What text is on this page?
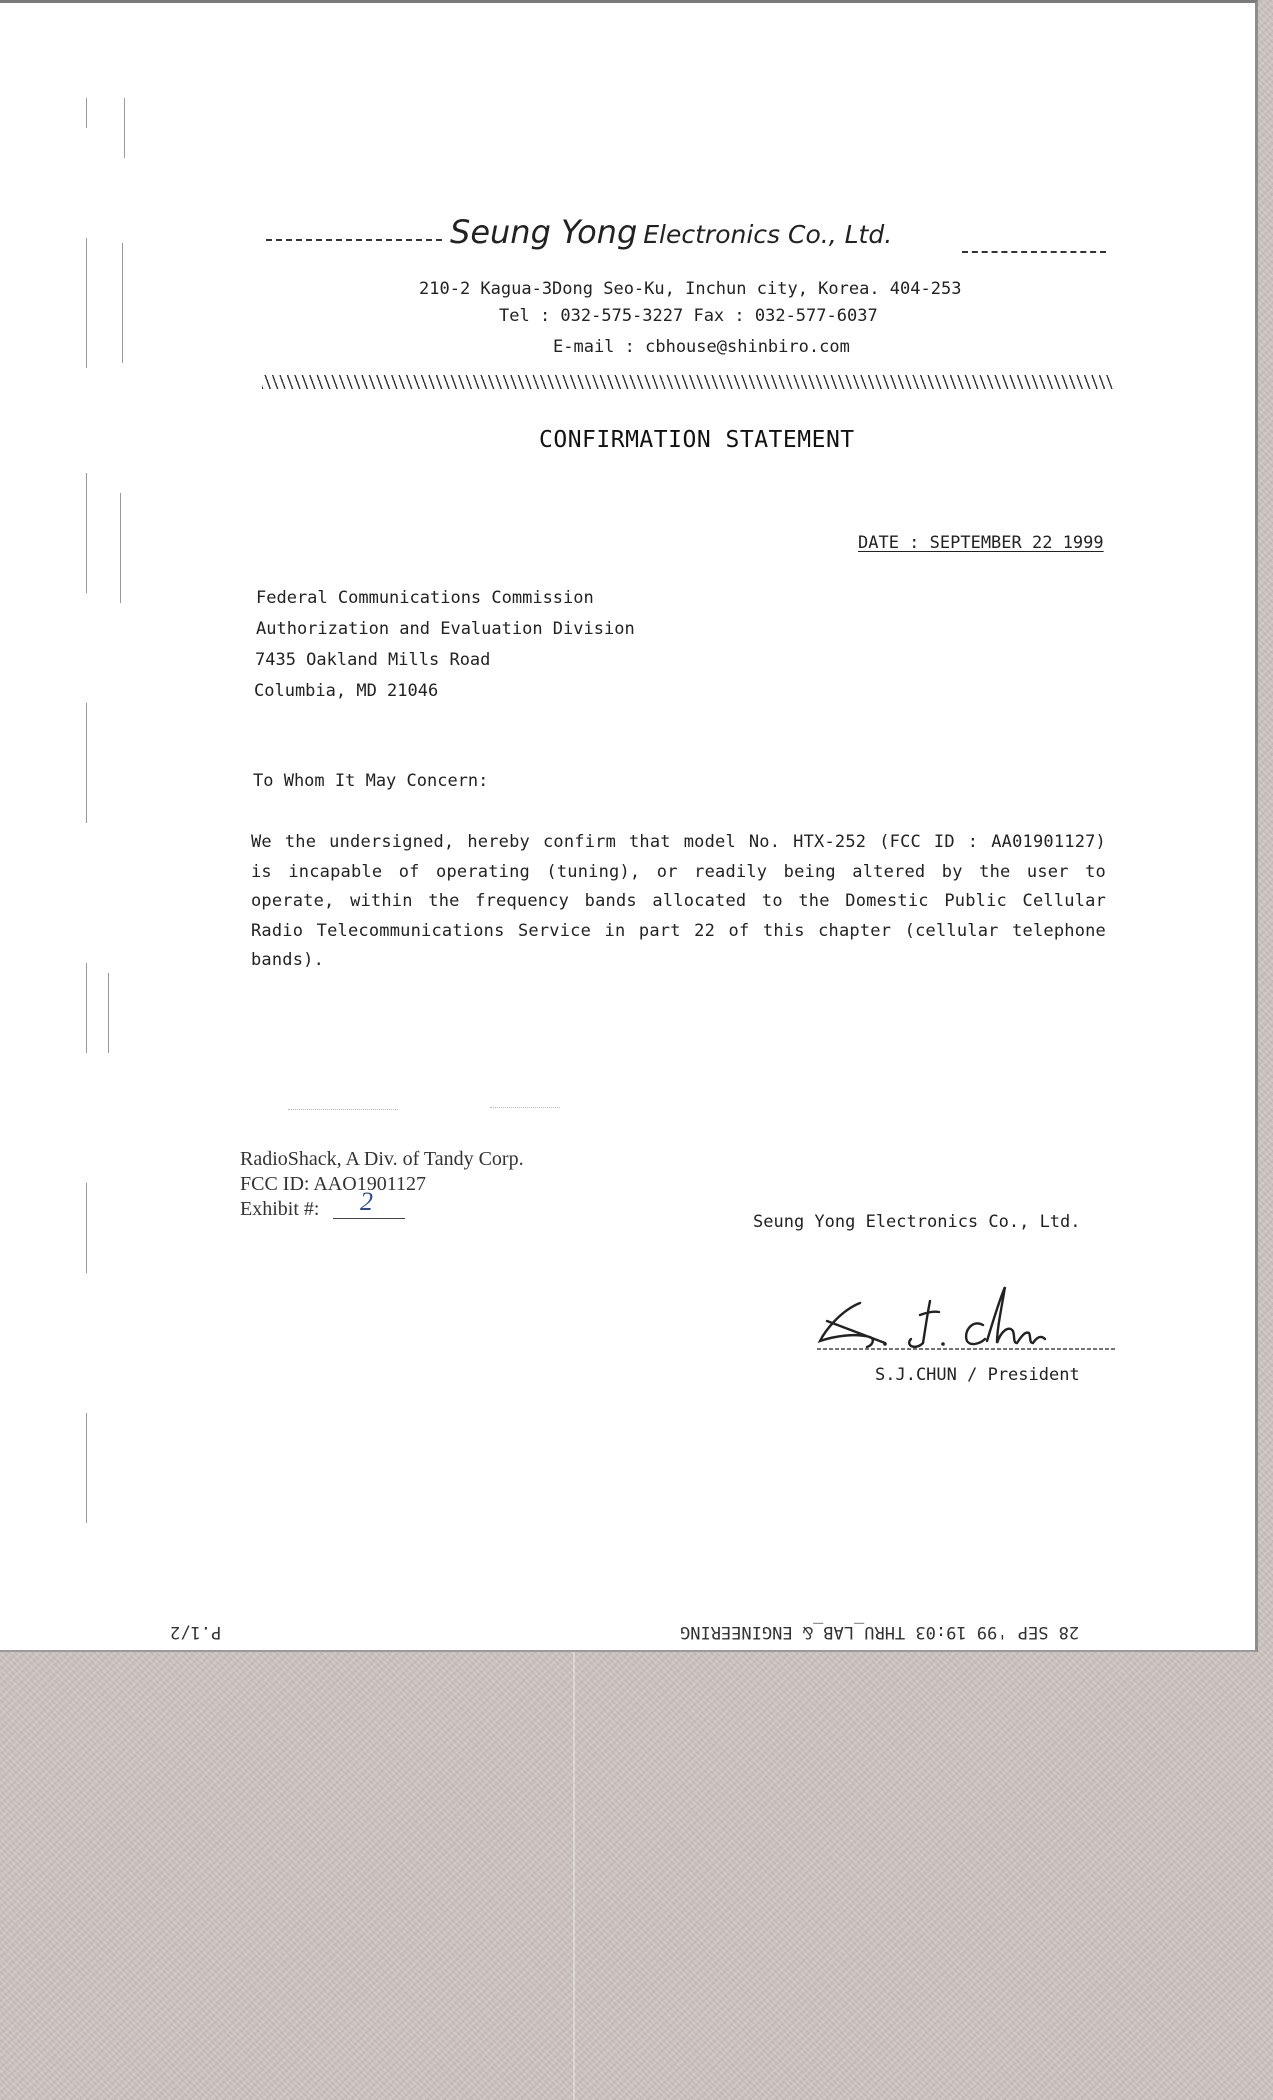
Seung Yong Electronics Co., Ltd.
210-2 Kagua-3Dong Seo-Ku, Inchun city, Korea. 404-253
Tel : 032-575-3227 Fax : 032-577-6037
E-mail : cbhouse@shinbiro.com
CONFIRMATION STATEMENT
DATE : SEPTEMBER 22 1999
Federal Communications Commission
Authorization and Evaluation Division
7435 Oakland Mills Road
Columbia, MD 21046
To Whom It May Concern:
We the undersigned, hereby confirm that model No. HTX-252 (FCC ID : AA01901127) is incapable of operating (tuning), or readily being altered by the user to operate, within the frequency bands allocated to the Domestic Public Cellular Radio Telecommunications Service in part 22 of this chapter (cellular telephone bands).
RadioShack, A Div. of Tandy Corp.
FCC ID: AAO1901127
Exhibit #: 2
Seung Yong Electronics Co., Ltd.
S.J.CHUN / President
P.1/2	28 SEP '99 19:03 THRU_LAB_& ENGINEERING
